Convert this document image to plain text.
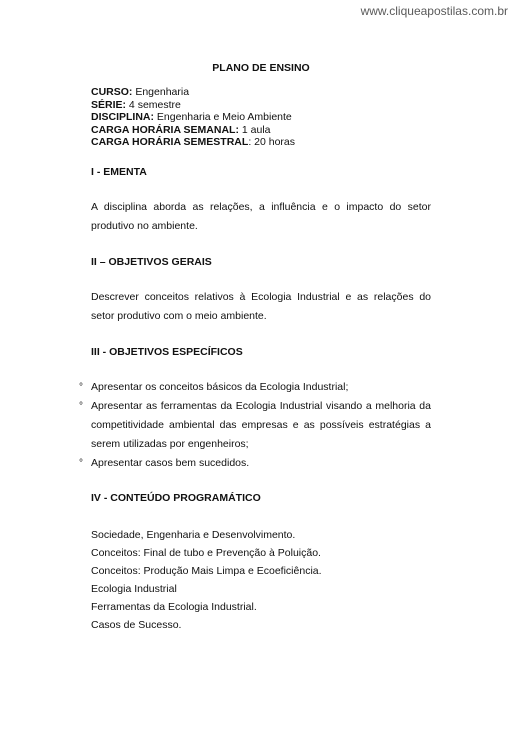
www.cliqueapostilas.com.br
PLANO DE ENSINO
CURSO: Engenharia
SÉRIE: 4 semestre
DISCIPLINA: Engenharia e Meio Ambiente
CARGA HORÁRIA SEMANAL: 1 aula
CARGA HORÁRIA SEMESTRAL: 20 horas
I - EMENTA
A disciplina aborda as relações, a influência e o impacto do setor produtivo no ambiente.
II – OBJETIVOS GERAIS
Descrever conceitos relativos à Ecologia Industrial e as relações do setor produtivo com o meio ambiente.
III - OBJETIVOS ESPECÍFICOS
° Apresentar os conceitos básicos da Ecologia Industrial;
° Apresentar as ferramentas da Ecologia Industrial visando a melhoria da competitividade ambiental das empresas e as possíveis estratégias a serem utilizadas por engenheiros;
° Apresentar casos bem sucedidos.
IV - CONTEÚDO PROGRAMÁTICO
Sociedade, Engenharia e Desenvolvimento.
Conceitos: Final de tubo e Prevenção à Poluição.
Conceitos: Produção Mais Limpa e Ecoeficiência.
Ecologia Industrial
Ferramentas da Ecologia Industrial.
Casos de Sucesso.
